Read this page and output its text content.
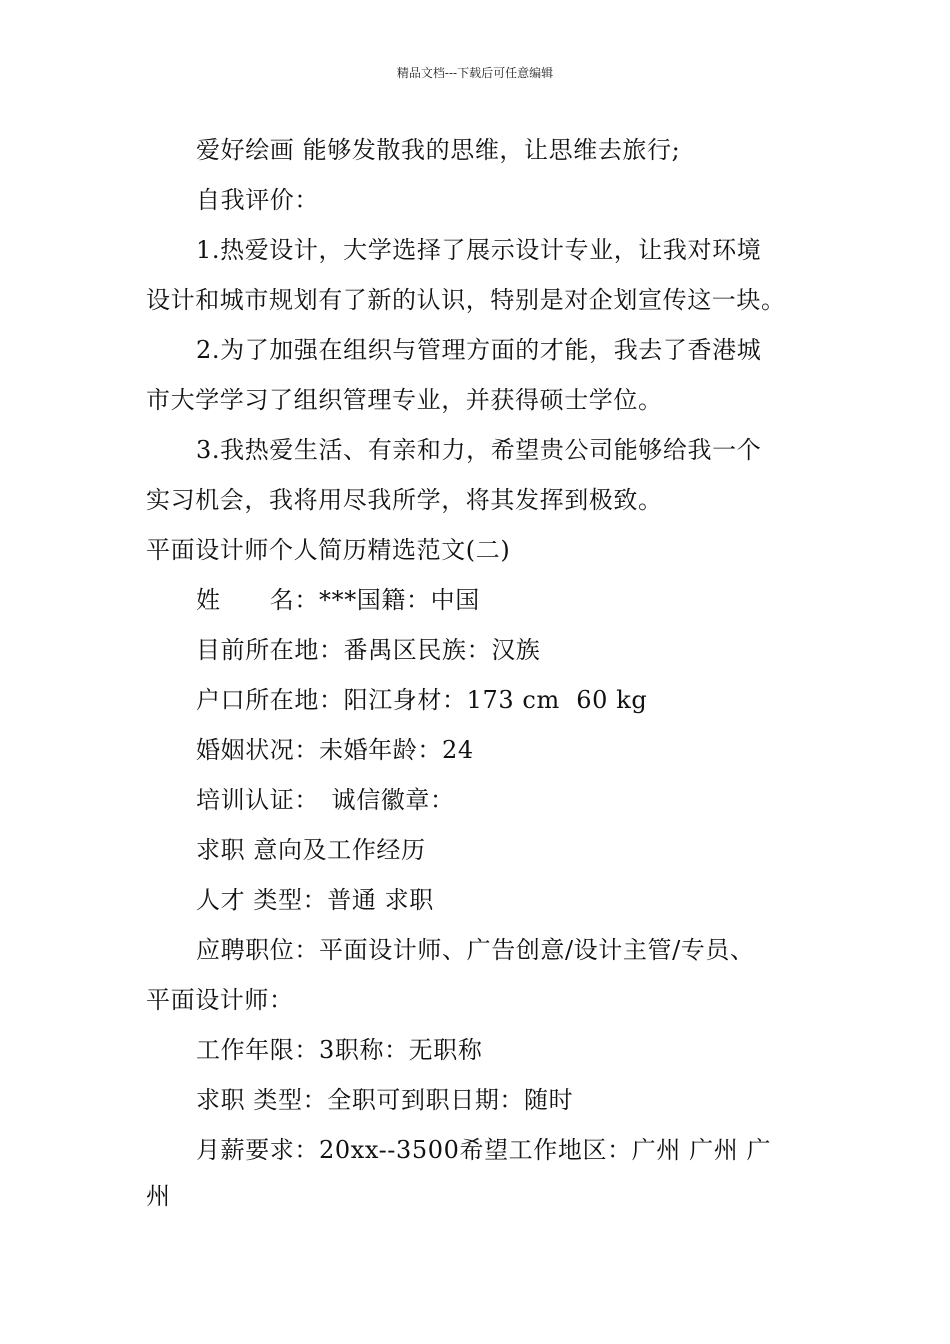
精品文档---下载后可任意编辑
爱好绘画 能够发散我的思维，让思维去旅行;
自我评价：
1.热爱设计，大学选择了展示设计专业，让我对环境
设计和城市规划有了新的认识，特别是对企划宣传这一块。
2.为了加强在组织与管理方面的才能，我去了香港城
市大学学习了组织管理专业，并获得硕士学位。
3.我热爱生活、有亲和力，希望贵公司能够给我一个
实习机会，我将用尽我所学，将其发挥到极致。
平面设计师个人简历精选范文(二)
姓　　名：***国籍：中国
目前所在地：番禺区民族：汉族
户口所在地：阳江身材：173 cm  60 kg
婚姻状况：未婚年龄：24
培训认证：　诚信徽章：
求职 意向及工作经历
人才 类型：普通 求职
应聘职位：平面设计师、广告创意/设计主管/专员、
平面设计师：
工作年限：3职称：无职称
求职 类型：全职可到职日期：随时
月薪要求：20xx--3500希望工作地区：广州 广州 广
州
